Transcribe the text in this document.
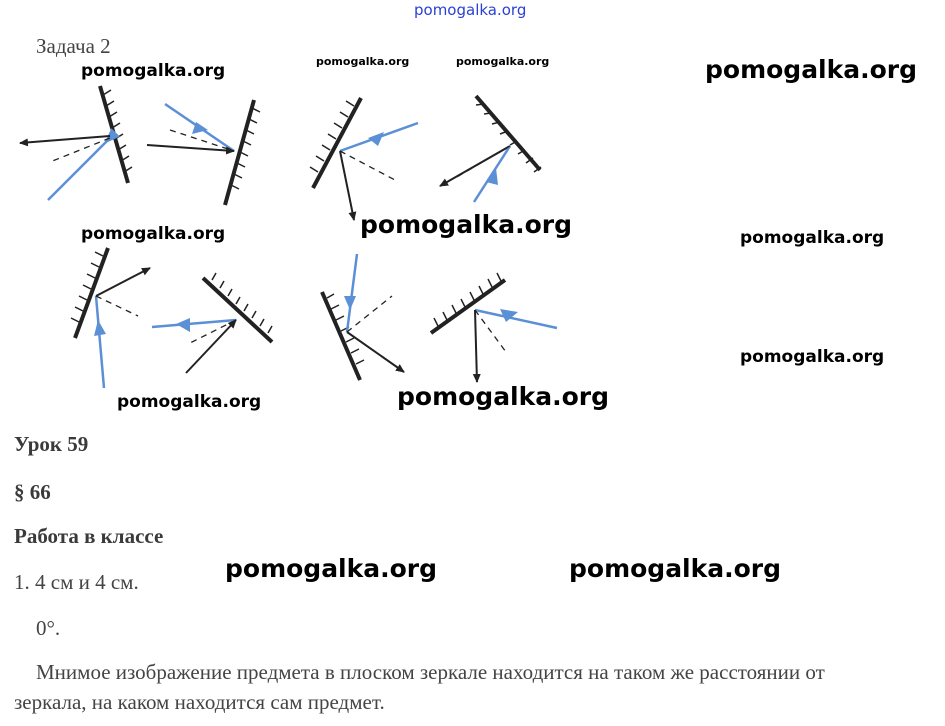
pomogalka.org
Задача 2
pomogalka.org	pomogalka.org	pomogalka.org	pomogalka.org
pomogalka.org	pomogalka.org	pomogalka.org
pomogalka.org
pomogalka.org	pomogalka.org
pomogalka.org	pomogalka.org
Урок 59
§ 66
Работа в классе
1. 4 см и 4 см.
0°.
Мнимое изображение предмета в плоском зеркале находится на таком же расстоянии от
зеркала, на каком находится сам предмет.
